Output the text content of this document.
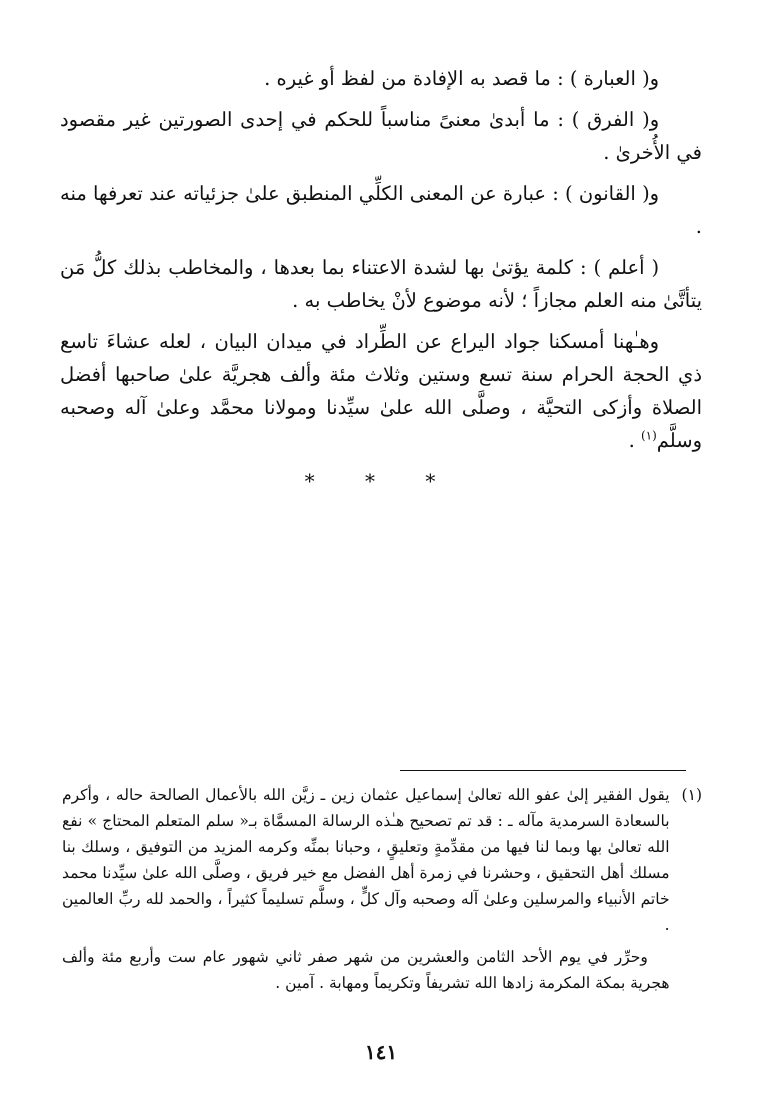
و( العبارة ) : ما قصد به الإفادة من لفظ أو غيره .

و( الفرق ) : ما أبدىٰ معنىً مناسباً للحكم في إحدى الصورتين غير مقصود في الأُخرىٰ .

و( القانون ) : عبارة عن المعنى الكلِّي المنطبق علىٰ جزئياته عند تعرفها منه .

( أعلم ) : كلمة يؤتىٰ بها لشدة الاعتناء بما بعدها ، والمخاطب بذلك كلُّ مَن يتأتَّىٰ منه العلم مجازاً ؛ لأنه موضوع لأنْ يخاطب به .

وهـٰهنا أمسكنا جواد اليراع عن الطِّراد في ميدان البيان ، لعله عشاءَ تاسع ذي الحجة الحرام سنة تسع وستين وثلاث مئة وألف هجريَّة علىٰ صاحبها أفضل الصلاة وأزكى التحيَّة ، وصلَّى الله علىٰ سيِّدنا ومولانا محمَّد وعلىٰ آله وصحبه وسلَّم$^{(١)}$ .

* * *
(١)

يقول الفقير إلىٰ عفو الله تعالىٰ إسماعيل عثمان زين ـ زيَّن الله بالأعمال الصالحة حاله ، وأكرم بالسعادة السرمدية مآله ـ : قد تم تصحيح هـٰذه الرسالة المسمَّاة بـ« سلم المتعلم المحتاج » نفع الله تعالىٰ بها وبما لنا فيها من مقدِّمةٍ وتعليقٍ ، وحبانا بمنِّه وكرمه المزيد من التوفيق ، وسلك بنا مسلك أهل التحقيق ، وحشرنا في زمرة أهل الفضل مع خير فريق ، وصلَّى الله علىٰ سيِّدنا محمد خاتم الأنبياء والمرسلين وعلىٰ آله وصحبه وآل كلٍّ ، وسلَّم تسليماً كثيراً ، والحمد لله ربِّ العالمين .

وحرِّر في يوم الأحد الثامن والعشرين من شهر صفر ثاني شهور عام ست وأربع مئة وألف هجرية بمكة المكرمة زادها الله تشريفاً وتكريماً ومهابة . آمين .

١٤١
